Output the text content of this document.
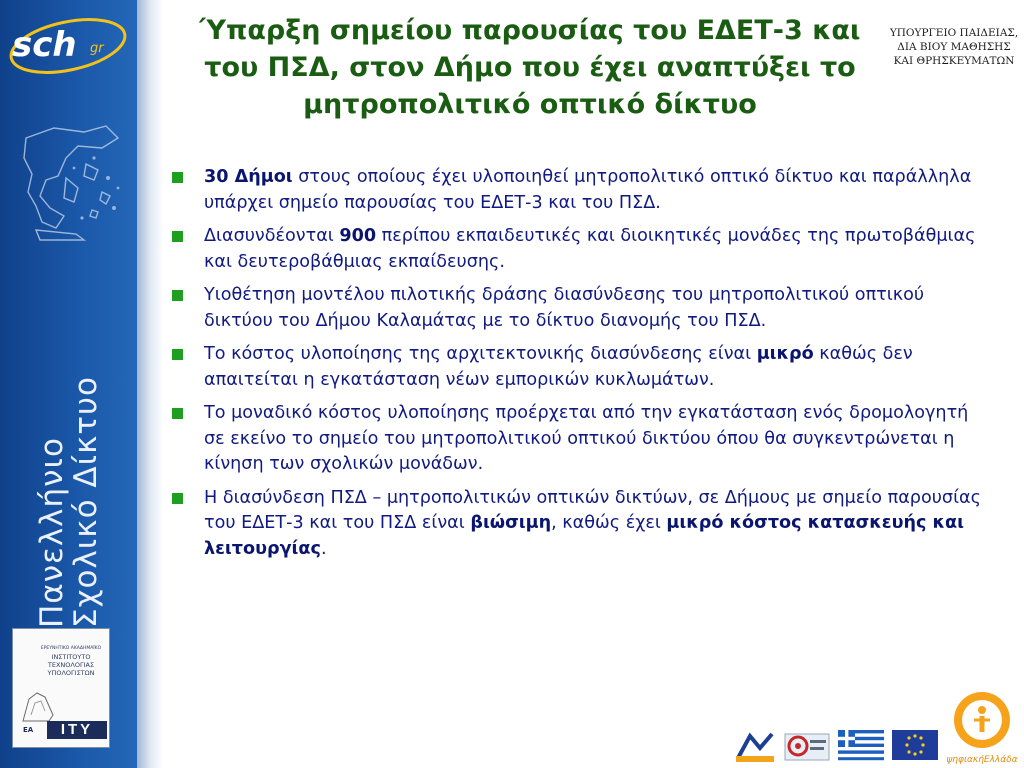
sch gr
Πανελλήνιο
Σχολικό Δίκτυο
ΕΡΕΥΝΗΤΙΚΟ ΑΚΑΔΗΜΑΪΚΟ
ΙΝΣΤΙΤΟΥΤΟ
ΤΕΧΝΟΛΟΓΙΑΣ
ΥΠΟΛΟΓΙΣΤΩΝ
ΕΑ	ΙΤΥ
Ύπαρξη σημείου παρουσίας του ΕΔΕΤ-3 και
του ΠΣΔ, στον Δήμο που έχει αναπτύξει το
μητροπολιτικό οπτικό δίκτυο
ΥΠΟΥΡΓΕΙΟ ΠΑΙΔΕΙΑΣ,
ΔΙΑ ΒΙΟΥ ΜΑΘΗΣΗΣ
ΚΑΙ ΘΡΗΣΚΕΥΜΑΤΩΝ
30 Δήμοι στους οποίους έχει υλοποιηθεί μητροπολιτικό οπτικό δίκτυο και παράλληλα υπάρχει σημείο παρουσίας του ΕΔΕΤ-3 και του ΠΣΔ.
Διασυνδέονται 900 περίπου εκπαιδευτικές και διοικητικές μονάδες της πρωτοβάθμιας και δευτεροβάθμιας εκπαίδευσης.
Υιοθέτηση μοντέλου πιλοτικής δράσης διασύνδεσης του μητροπολιτικού οπτικού δικτύου του Δήμου Καλαμάτας με το δίκτυο διανομής του ΠΣΔ.
Το κόστος υλοποίησης της αρχιτεκτονικής διασύνδεσης είναι μικρό καθώς δεν απαιτείται η εγκατάσταση νέων εμπορικών κυκλωμάτων.
Το μοναδικό κόστος υλοποίησης προέρχεται από την εγκατάσταση ενός δρομολογητή σε εκείνο το σημείο του μητροπολιτικού οπτικού δικτύου όπου θα συγκεντρώνεται η κίνηση των σχολικών μονάδων.
Η διασύνδεση ΠΣΔ – μητροπολιτικών οπτικών δικτύων, σε Δήμους με σημείο παρουσίας του ΕΔΕΤ-3 και του ΠΣΔ είναι βιώσιμη, καθώς έχει μικρό κόστος κατασκευής και λειτουργίας.
ψηφιακήΕλλάδα
